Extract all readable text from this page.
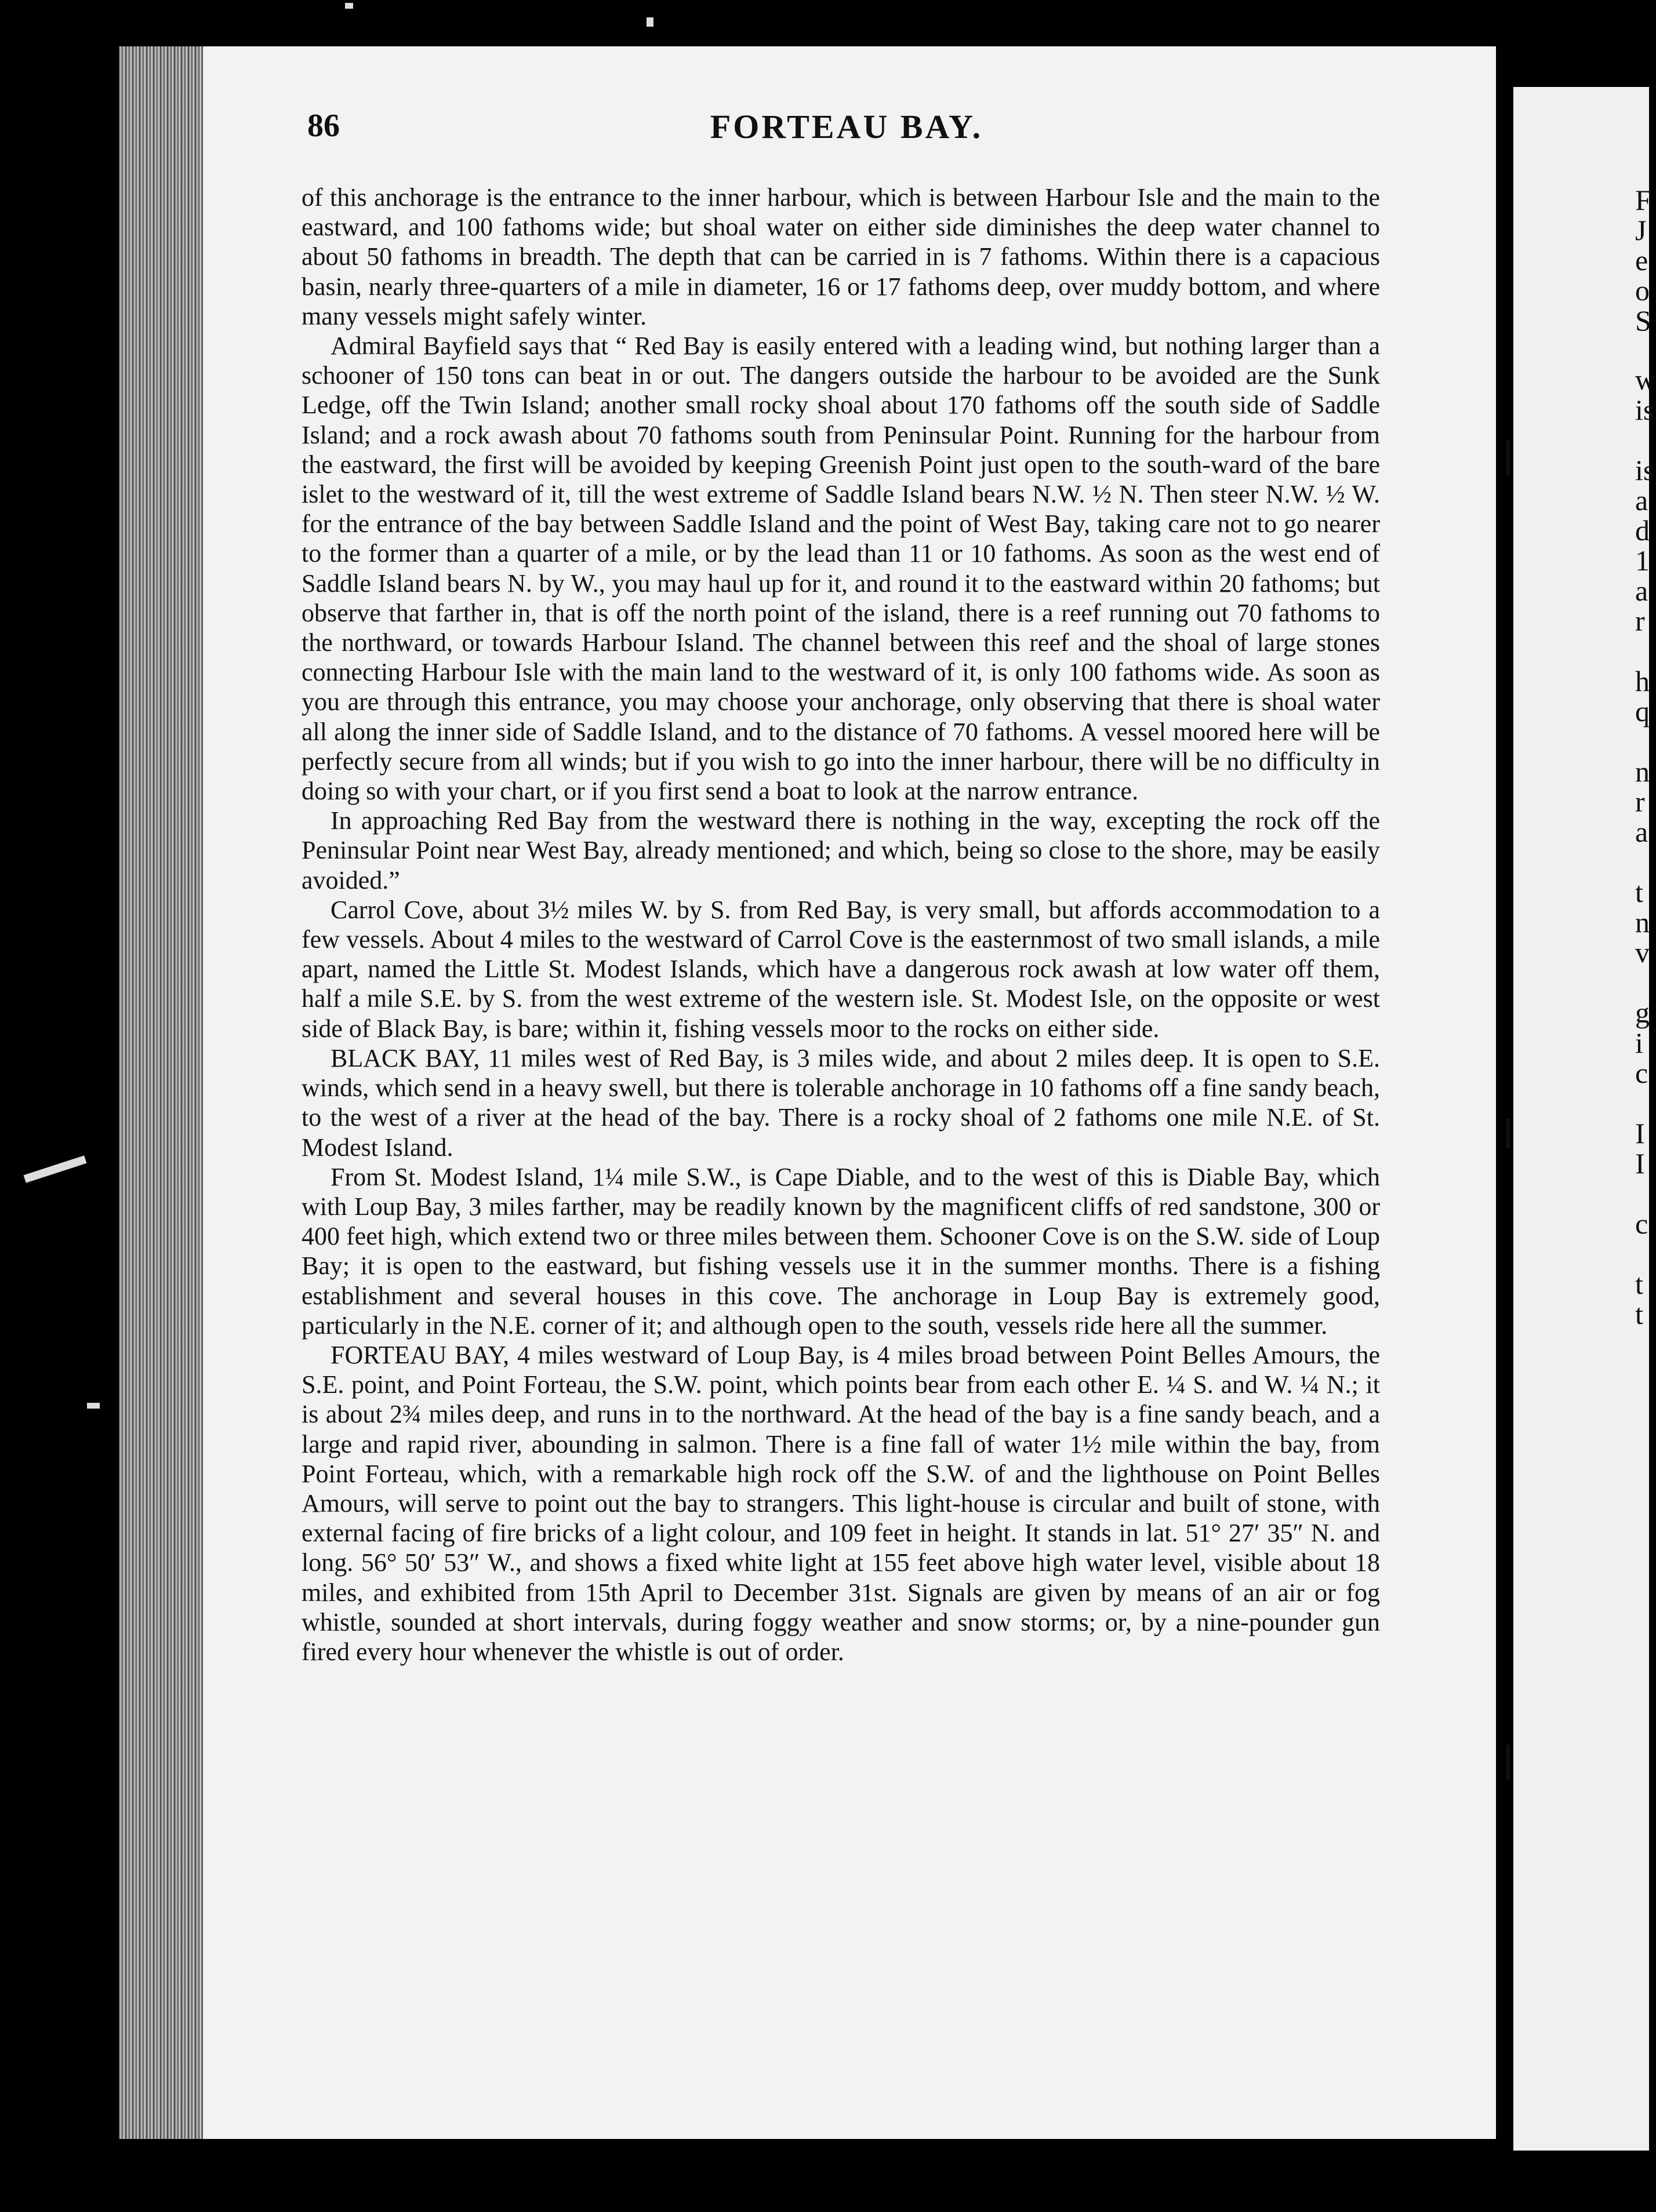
F
J
e
o
S
w
is
is
a
d
1
a
r
h
q
n
r
a
t
n
v
g
i
c
I
I
c
t
t
86	FORTEAU BAY.

of this anchorage is the entrance to the inner harbour, which is between Harbour Isle and the main to the eastward, and 100 fathoms wide; but shoal water on either side diminishes the deep water channel to about 50 fathoms in breadth. The depth that can be carried in is 7 fathoms. Within there is a capacious basin, nearly three-quarters of a mile in diameter, 16 or 17 fathoms deep, over muddy bottom, and where many vessels might safely winter.

Admiral Bayfield says that “ Red Bay is easily entered with a leading wind, but nothing larger than a schooner of 150 tons can beat in or out. The dangers outside the harbour to be avoided are the Sunk Ledge, off the Twin Island; another small rocky shoal about 170 fathoms off the south side of Saddle Island; and a rock awash about 70 fathoms south from Peninsular Point. Running for the harbour from the eastward, the first will be avoided by keeping Greenish Point just open to the south-ward of the bare islet to the westward of it, till the west extreme of Saddle Island bears N.W. ½ N. Then steer N.W. ½ W. for the entrance of the bay between Saddle Island and the point of West Bay, taking care not to go nearer to the former than a quarter of a mile, or by the lead than 11 or 10 fathoms. As soon as the west end of Saddle Island bears N. by W., you may haul up for it, and round it to the eastward within 20 fathoms; but observe that farther in, that is off the north point of the island, there is a reef running out 70 fathoms to the northward, or towards Harbour Island. The channel between this reef and the shoal of large stones connecting Harbour Isle with the main land to the westward of it, is only 100 fathoms wide. As soon as you are through this entrance, you may choose your anchorage, only observing that there is shoal water all along the inner side of Saddle Island, and to the distance of 70 fathoms. A vessel moored here will be perfectly secure from all winds; but if you wish to go into the inner harbour, there will be no difficulty in doing so with your chart, or if you first send a boat to look at the narrow entrance.

In approaching Red Bay from the westward there is nothing in the way, excepting the rock off the Peninsular Point near West Bay, already mentioned; and which, being so close to the shore, may be easily avoided.”

Carrol Cove, about 3½ miles W. by S. from Red Bay, is very small, but affords accommodation to a few vessels. About 4 miles to the westward of Carrol Cove is the easternmost of two small islands, a mile apart, named the Little St. Modest Islands, which have a dangerous rock awash at low water off them, half a mile S.E. by S. from the west extreme of the western isle. St. Modest Isle, on the opposite or west side of Black Bay, is bare; within it, fishing vessels moor to the rocks on either side.

BLACK BAY, 11 miles west of Red Bay, is 3 miles wide, and about 2 miles deep. It is open to S.E. winds, which send in a heavy swell, but there is tolerable anchorage in 10 fathoms off a fine sandy beach, to the west of a river at the head of the bay. There is a rocky shoal of 2 fathoms one mile N.E. of St. Modest Island.

From St. Modest Island, 1¼ mile S.W., is Cape Diable, and to the west of this is Diable Bay, which with Loup Bay, 3 miles farther, may be readily known by the magnificent cliffs of red sandstone, 300 or 400 feet high, which extend two or three miles between them. Schooner Cove is on the S.W. side of Loup Bay; it is open to the eastward, but fishing vessels use it in the summer months. There is a fishing establishment and several houses in this cove. The anchorage in Loup Bay is extremely good, particularly in the N.E. corner of it; and although open to the south, vessels ride here all the summer.

FORTEAU BAY, 4 miles westward of Loup Bay, is 4 miles broad between Point Belles Amours, the S.E. point, and Point Forteau, the S.W. point, which points bear from each other E. ¼ S. and W. ¼ N.; it is about 2¾ miles deep, and runs in to the northward. At the head of the bay is a fine sandy beach, and a large and rapid river, abounding in salmon. There is a fine fall of water 1½ mile within the bay, from Point Forteau, which, with a remarkable high rock off the S.W. of and the lighthouse on Point Belles Amours, will serve to point out the bay to strangers. This light-house is circular and built of stone, with external facing of fire bricks of a light colour, and 109 feet in height. It stands in lat. 51° 27′ 35″ N. and long. 56° 50′ 53″ W., and shows a fixed white light at 155 feet above high water level, visible about 18 miles, and exhibited from 15th April to December 31st. Signals are given by means of an air or fog whistle, sounded at short intervals, during foggy weather and snow storms; or, by a nine-pounder gun fired every hour whenever the whistle is out of order.
